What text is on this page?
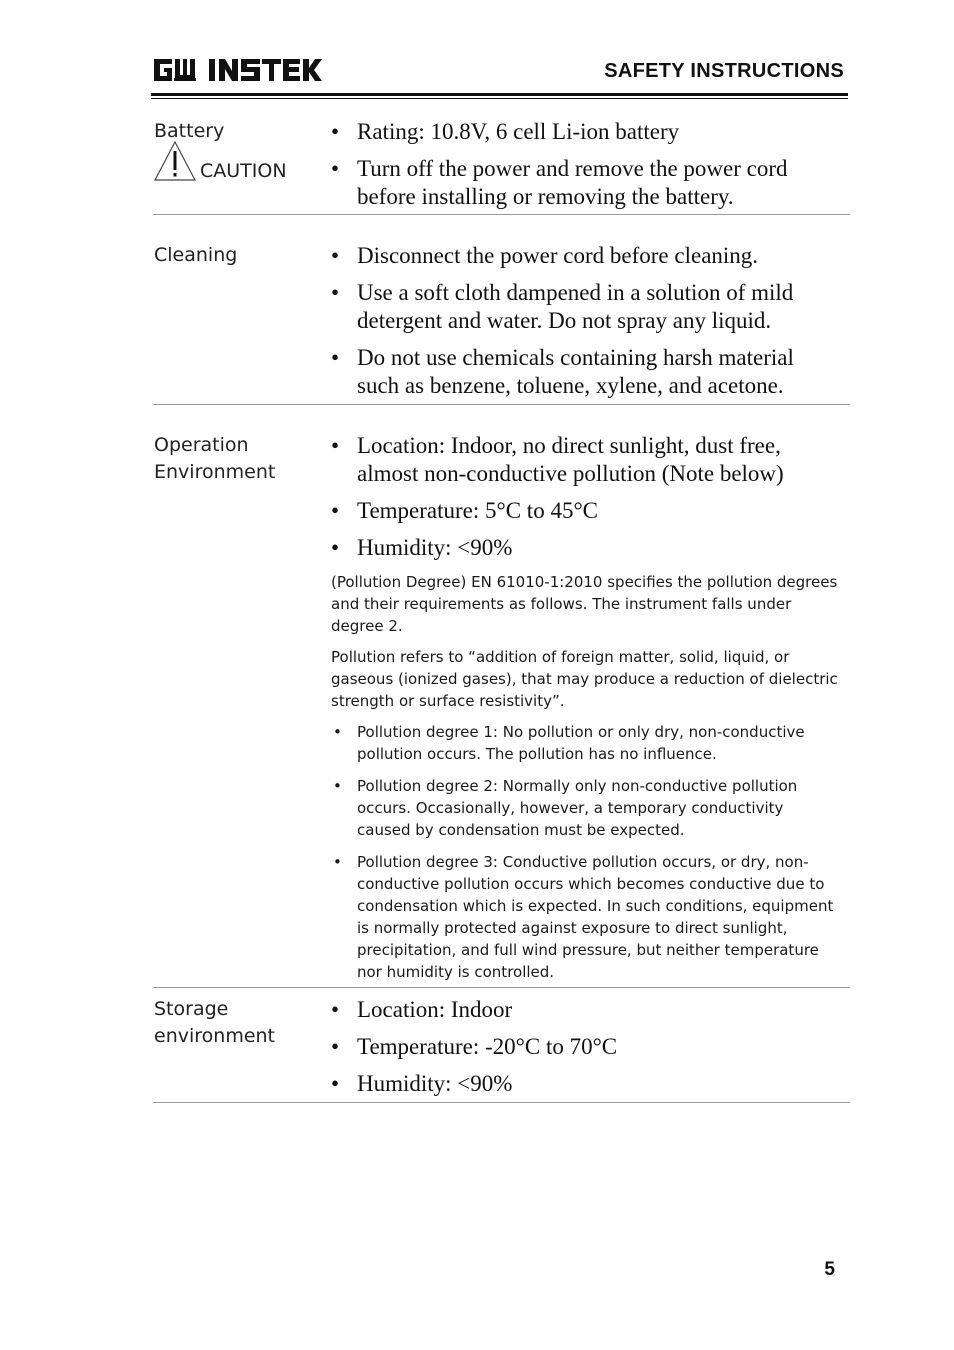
SAFETY INSTRUCTIONS
Battery
CAUTION
• Rating: 10.8V, 6 cell Li-ion battery
• Turn off the power and remove the power cord before installing or removing the battery.
Cleaning
•	Disconnect the power cord before cleaning.
• Use a soft cloth dampened in a solution of mild detergent and water. Do not spray any liquid.
• Do not use chemicals containing harsh material such as benzene, toluene, xylene, and acetone.
Operation Environment
• Location: Indoor, no direct sunlight, dust free, almost non-conductive pollution (Note below)
• Temperature: 5°C to 45°C
• Humidity: <90%

(Pollution Degree) EN 61010-1:2010 specifies the pollution degrees and their requirements as follows. The instrument falls under degree 2.

Pollution refers to “addition of foreign matter, solid, liquid, or gaseous (ionized gases), that may produce a reduction of dielectric strength or surface resistivity”.

• Pollution degree 1: No pollution or only dry, non-conductive pollution occurs. The pollution has no influence.
• Pollution degree 2: Normally only non-conductive pollution occurs. Occasionally, however, a temporary conductivity caused by condensation must be expected.
• Pollution degree 3: Conductive pollution occurs, or dry, non-conductive pollution occurs which becomes conductive due to condensation which is expected. In such conditions, equipment is normally protected against exposure to direct sunlight, precipitation, and full wind pressure, but neither temperature nor humidity is controlled.
Storage environment
• Location: Indoor
• Temperature: -20°C to 70°C
• Humidity: <90%
5
